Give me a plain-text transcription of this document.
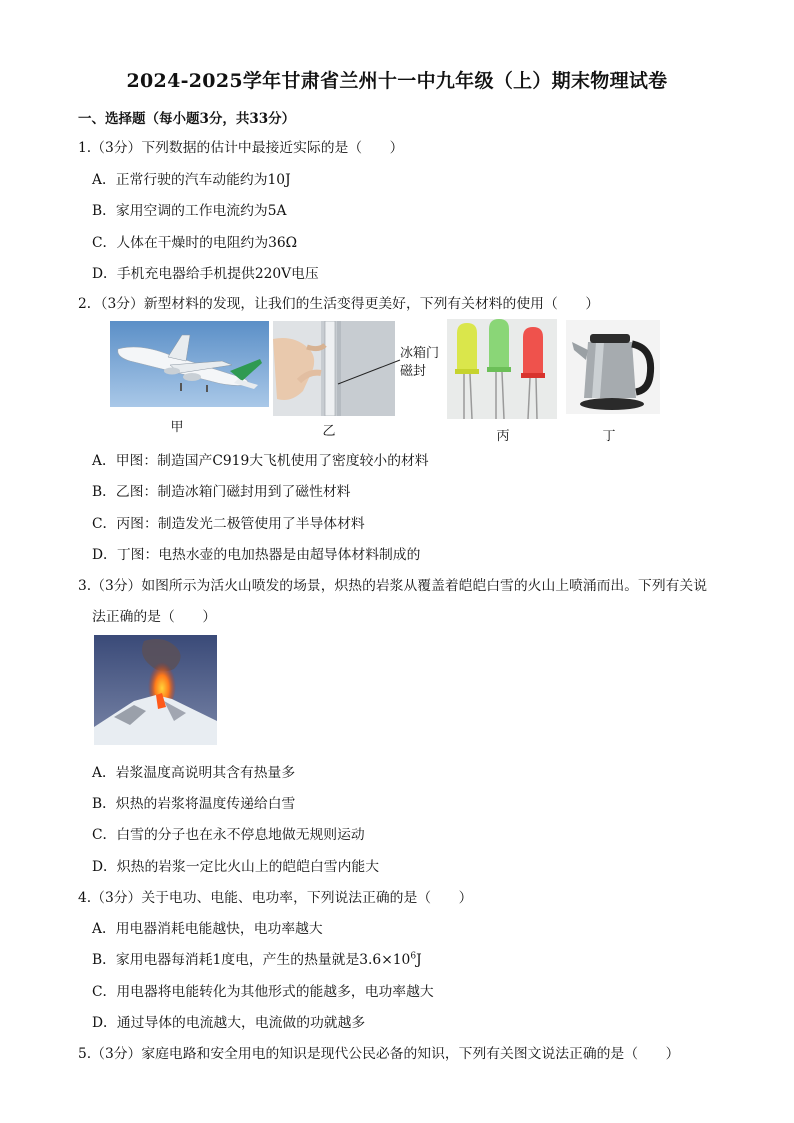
2024-2025学年甘肃省兰州十一中九年级（上）期末物理试卷
一、选择题（每小题3分，共33分）
1.（3分）下列数据的估计中最接近实际的是（　　）
A．正常行驶的汽车动能约为10J
B．家用空调的工作电流约为5A
C．人体在干燥时的电阻约为36Ω
D．手机充电器给手机提供220V电压
2．（3分）新型材料的发现，让我们的生活变得更美好，下列有关材料的使用（　　）
甲
冰箱门磁封
乙	丙	丁
A．甲图：制造国产C919大飞机使用了密度较小的材料
B．乙图：制造冰箱门磁封用到了磁性材料
C．丙图：制造发光二极管使用了半导体材料
D．丁图：电热水壶的电加热器是由超导体材料制成的
3.（3分）如图所示为活火山喷发的场景，炽热的岩浆从覆盖着皑皑白雪的火山上喷涌而出。下列有关说
法正确的是（　　）
A．岩浆温度高说明其含有热量多
B．炽热的岩浆将温度传递给白雪
C．白雪的分子也在永不停息地做无规则运动
D．炽热的岩浆一定比火山上的皑皑白雪内能大
4.（3分）关于电功、电能、电功率，下列说法正确的是（　　）
A．用电器消耗电能越快，电功率越大
B．家用电器每消耗1度电，产生的热量就是$3.6\times 10^6J$
C．用电器将电能转化为其他形式的能越多，电功率越大
D．通过导体的电流越大，电流做的功就越多
5.（3分）家庭电路和安全用电的知识是现代公民必备的知识，下列有关图文说法正确的是（　　）
